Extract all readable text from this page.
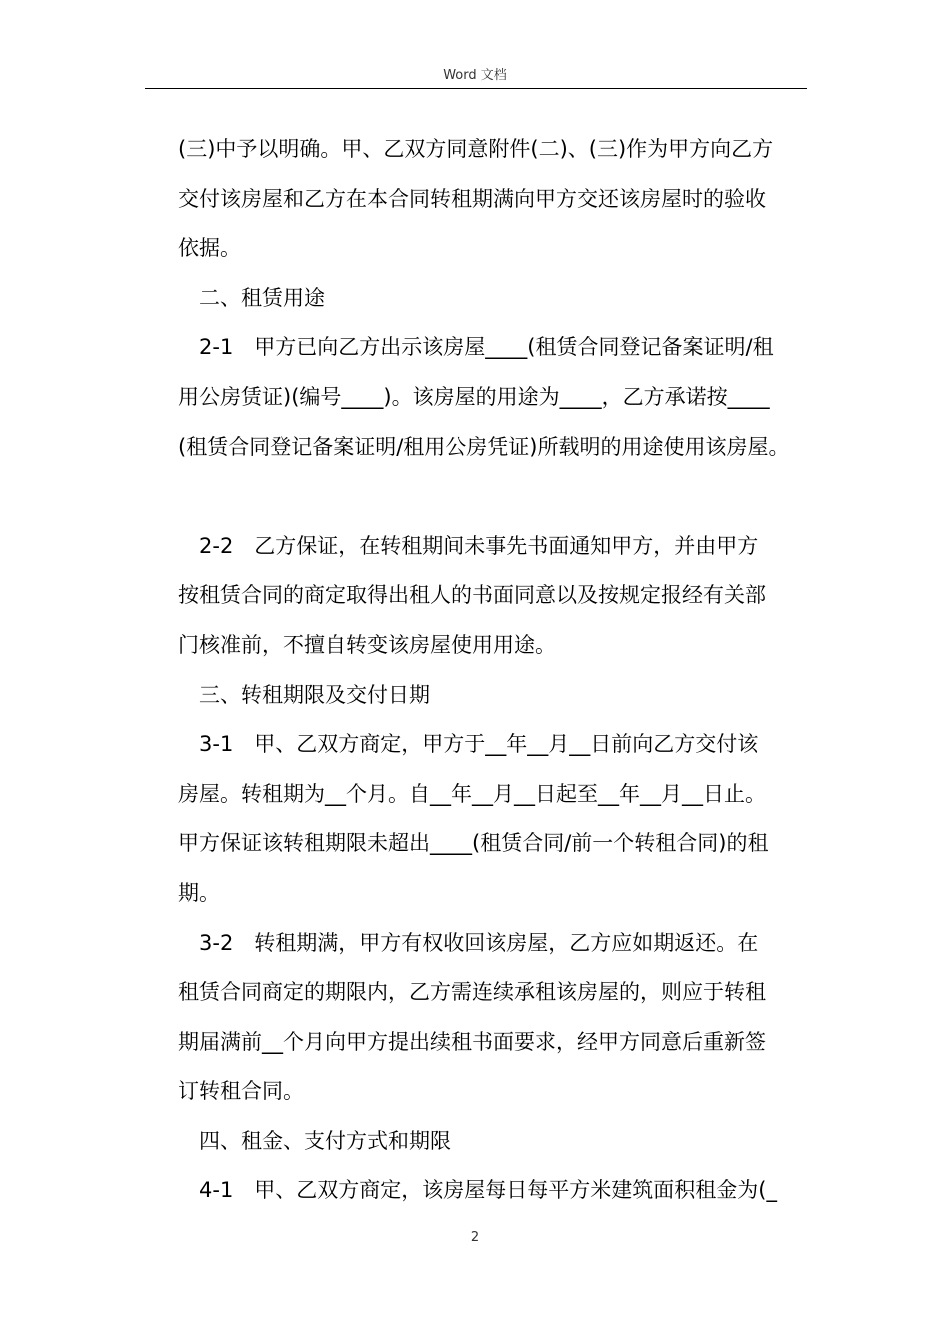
Word 文档

(三)中予以明确。甲、乙双方同意附件(二)、(三)作为甲方向乙方

交付该房屋和乙方在本合同转租期满向甲方交还该房屋时的验收

依据。

二、租赁用途

2-1　甲方已向乙方出示该房屋____(租赁合同登记备案证明/租

用公房赁证)(编号____)。该房屋的用途为____，乙方承诺按____

(租赁合同登记备案证明/租用公房凭证)所载明的用途使用该房屋。

2-2　乙方保证，在转租期间未事先书面通知甲方，并由甲方

按租赁合同的商定取得出租人的书面同意以及按规定报经有关部

门核准前，不擅自转变该房屋使用用途。

三、转租期限及交付日期

3-1　甲、乙双方商定，甲方于__年__月__日前向乙方交付该

房屋。转租期为__个月。自__年__月__日起至__年__月__日止。

甲方保证该转租期限未超出____(租赁合同/前一个转租合同)的租

期。

3-2　转租期满，甲方有权收回该房屋，乙方应如期返还。在

租赁合同商定的期限内，乙方需连续承租该房屋的，则应于转租

期届满前__个月向甲方提出续租书面要求，经甲方同意后重新签

订转租合同。

四、租金、支付方式和期限

4-1　甲、乙双方商定，该房屋每日每平方米建筑面积租金为(_

2
